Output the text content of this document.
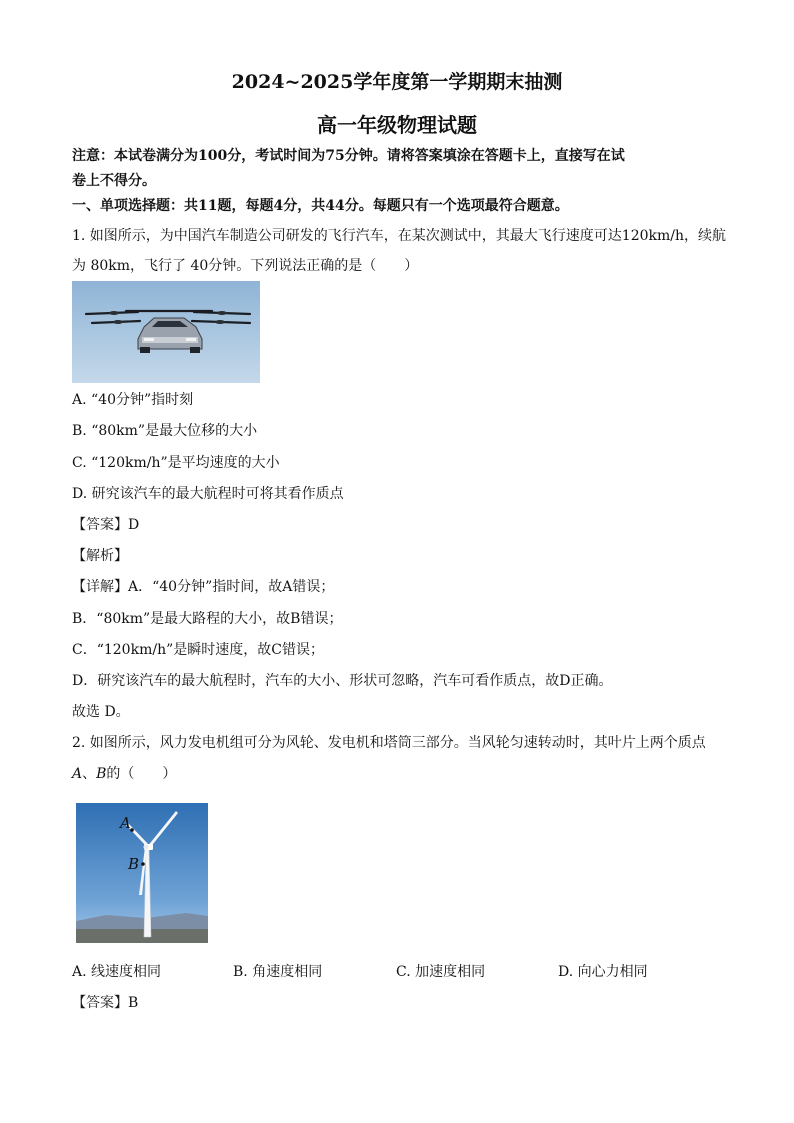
2024~2025学年度第一学期期末抽测
高一年级物理试题
注意：本试卷满分为100分，考试时间为75分钟。请将答案填涂在答题卡上，直接写在试
卷上不得分。
一、单项选择题：共11题，每题4分，共44分。每题只有一个选项最符合题意。
1. 如图所示，为中国汽车制造公司研发的飞行汽车，在某次测试中，其最大飞行速度可达120km/h，续航
为 80km，飞行了 40分钟。下列说法正确的是（　　）
A. “40分钟”指时刻
B. “80km”是最大位移的大小
C. “120km/h”是平均速度的大小
D. 研究该汽车的最大航程时可将其看作质点
【答案】D
【解析】
【详解】A．“40分钟”指时间，故A错误；
B．“80km”是最大路程的大小，故B错误；
C．“120km/h”是瞬时速度，故C错误；
D．研究该汽车的最大航程时，汽车的大小、形状可忽略，汽车可看作质点，故D正确。
故选 D。
2. 如图所示，风力发电机组可分为风轮、发电机和塔筒三部分。当风轮匀速转动时，其叶片上两个质点
A、B的（　　）
A
B
A. 线速度相同	B. 角速度相同	C. 加速度相同	D. 向心力相同
【答案】B
